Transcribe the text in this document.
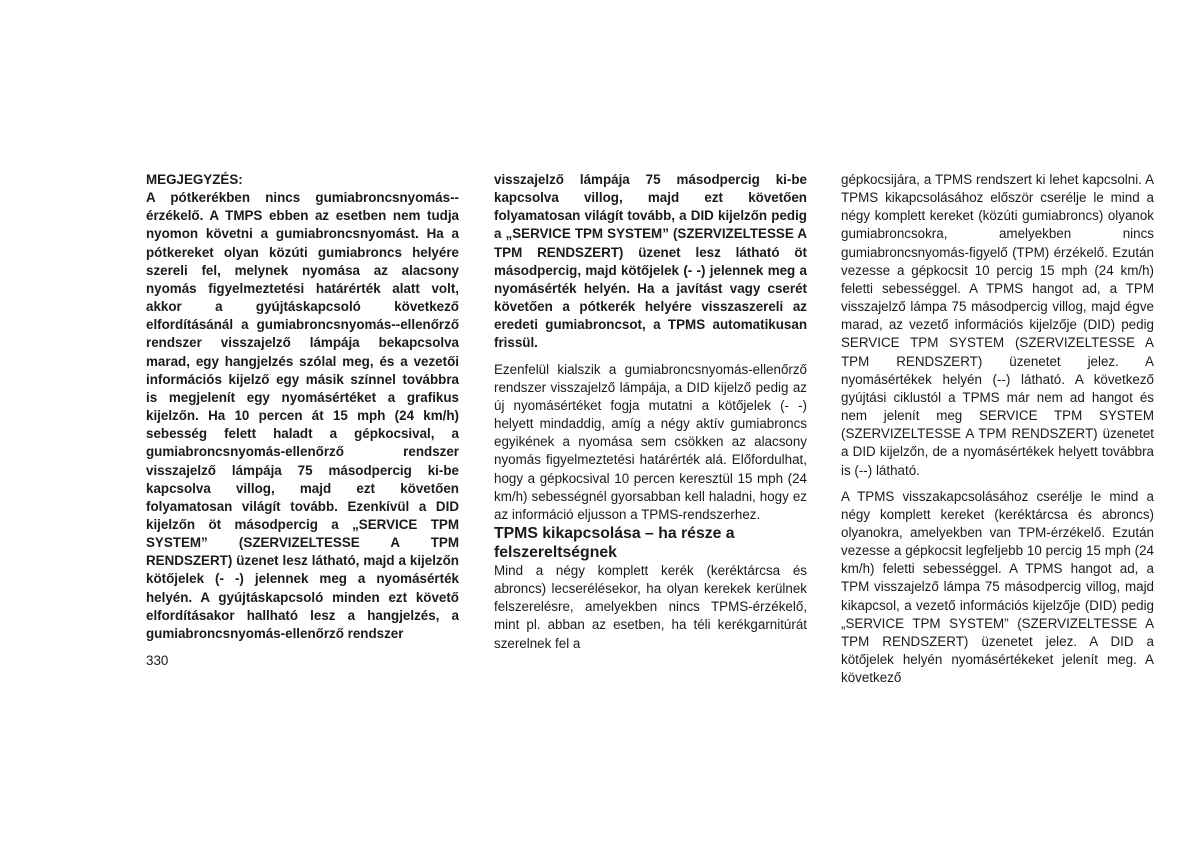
MEGJEGYZÉS:

A pótkerékben nincs gumiabroncsnyomás--érzékelő. A TMPS ebben az esetben nem tudja nyomon követni a gumiabroncsnyomást. Ha a pótkereket olyan közúti gumiabroncs helyére szereli fel, melynek nyomása az alacsony nyomás figyelmeztetési határérték alatt volt, akkor a gyújtáskapcsoló következő elfordításánál a gumiabroncsnyomás--ellenőrző rendszer visszajelző lámpája bekapcsolva marad, egy hangjelzés szólal meg, és a vezetői információs kijelző egy másik színnel továbbra is megjelenít egy nyomásértéket a grafikus kijelzőn. Ha 10 percen át 15 mph (24 km/h) sebesség felett haladt a gépkocsival, a gumiabroncsnyomás-ellenőrző rendszer visszajelző lámpája 75 másodpercig ki-be kapcsolva villog, majd ezt követően folyamatosan világít tovább. Ezenkívül a DID kijelzőn öt másodpercig a „SERVICE TPM SYSTEM” (SZERVIZELTESSE A TPM RENDSZERT) üzenet lesz látható, majd a kijelzőn kötőjelek (- -) jelennek meg a nyomásérték helyén. A gyújtáskapcsoló minden ezt követő elfordításakor hallható lesz a hangjelzés, a gumiabroncsnyomás-ellenőrző rendszer

visszajelző lámpája 75 másodpercig ki-be kapcsolva villog, majd ezt követően folyamatosan világít tovább, a DID kijelzőn pedig a „SERVICE TPM SYSTEM” (SZERVIZELTESSE A TPM RENDSZERT) üzenet lesz látható öt másodpercig, majd kötőjelek (- -) jelennek meg a nyomásérték helyén. Ha a javítást vagy cserét követően a pótkerék helyére visszaszereli az eredeti gumiabroncsot, a TPMS automatikusan frissül.

Ezenfelül kialszik a gumiabroncsnyomás-ellenőrző rendszer visszajelző lámpája, a DID kijelző pedig az új nyomásértéket fogja mutatni a kötőjelek (- -) helyett mindaddig, amíg a négy aktív gumiabroncs egyikének a nyomása sem csökken az alacsony nyomás figyelmeztetési határérték alá. Előfordulhat, hogy a gépkocsival 10 percen keresztül 15 mph (24 km/h) sebességnél gyorsabban kell haladni, hogy ez az információ eljusson a TPMS-rendszerhez.

TPMS kikapcsolása – ha része a felszereltségnek

Mind a négy komplett kerék (keréktárcsa és abroncs) lecserélésekor, ha olyan kerekek kerülnek felszerelésre, amelyekben nincs TPMS-érzékelő, mint pl. abban az esetben, ha téli kerékgarnitúrát szerelnek fel a

gépkocsijára, a TPMS rendszert ki lehet kapcsolni. A TPMS kikapcsolásához először cserélje le mind a négy komplett kereket (közúti gumiabroncs) olyanok gumiabroncsokra, amelyekben nincs gumiabroncsnyomás-figyelő (TPM) érzékelő. Ezután vezesse a gépkocsit 10 percig 15 mph (24 km/h) feletti sebességgel. A TPMS hangot ad, a TPM visszajelző lámpa 75 másodpercig villog, majd égve marad, az vezető információs kijelzője (DID) pedig SERVICE TPM SYSTEM (SZERVIZELTESSE A TPM RENDSZERT) üzenetet jelez. A nyomásértékek helyén (--) látható. A következő gyújtási ciklustól a TPMS már nem ad hangot és nem jelenít meg SERVICE TPM SYSTEM (SZERVIZELTESSE A TPM RENDSZERT) üzenetet a DID kijelzőn, de a nyomásértékek helyett továbbra is (--) látható.

A TPMS visszakapcsolásához cserélje le mind a négy komplett kereket (keréktárcsa és abroncs) olyanokra, amelyekben van TPM-érzékelő. Ezután vezesse a gépkocsit legfeljebb 10 percig 15 mph (24 km/h) feletti sebességgel. A TPMS hangot ad, a TPM visszajelző lámpa 75 másodpercig villog, majd kikapcsol, a vezető információs kijelzője (DID) pedig „SERVICE TPM SYSTEM” (SZERVIZELTESSE A TPM RENDSZERT) üzenetet jelez. A DID a kötőjelek helyén nyomásértékeket jelenít meg. A következő

330
